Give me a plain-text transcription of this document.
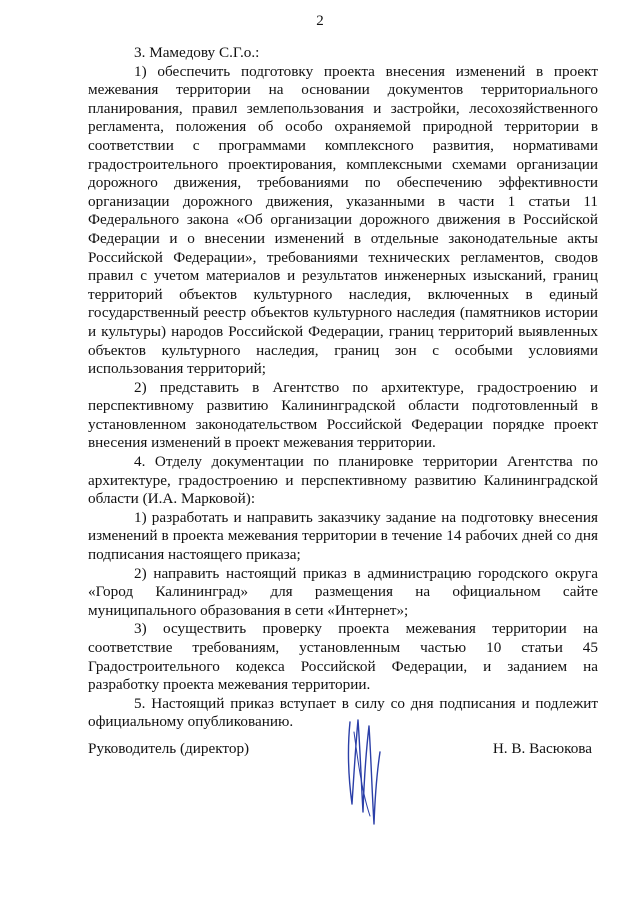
2

3. Мамедову С.Г.о.:

1) обеспечить подготовку проекта внесения изменений в проект межевания территории на основании документов территориального планирования, правил землепользования и застройки, лесохозяйственного регламента, положения об особо охраняемой природной территории в соответствии с программами комплексного развития, нормативами градостроительного проектирования, комплексными схемами организации дорожного движения, требованиями по обеспечению эффективности организации дорожного движения, указанными в части 1 статьи 11 Федерального закона «Об организации дорожного движения в Российской Федерации и о внесении изменений в отдельные законодательные акты Российской Федерации», требованиями технических регламентов, сводов правил с учетом материалов и результатов инженерных изысканий, границ территорий объектов культурного наследия, включенных в единый государственный реестр объектов культурного наследия (памятников истории и культуры) народов Российской Федерации, границ территорий выявленных объектов культурного наследия, границ зон с особыми условиями использования территорий;

2) представить в Агентство по архитектуре, градостроению и перспективному развитию Калининградской области подготовленный в установленном законодательством Российской Федерации порядке проект внесения изменений в проект межевания территории.

4. Отделу документации по планировке территории Агентства по архитектуре, градостроению и перспективному развитию Калининградской области (И.А. Марковой):

1) разработать и направить заказчику задание на подготовку внесения изменений в проекта межевания территории в течение 14 рабочих дней со дня подписания настоящего приказа;

2) направить настоящий приказ в администрацию городского округа «Город Калининград» для размещения на официальном сайте муниципального образования в сети «Интернет»;

3) осуществить проверку проекта межевания территории на соответствие требованиям, установленным частью 10 статьи 45 Градостроительного кодекса Российской Федерации, и заданием на разработку проекта межевания территории.

5. Настоящий приказ вступает в силу со дня подписания и подлежит официальному опубликованию.

Руководитель (директор)	Н. В. Васюкова
